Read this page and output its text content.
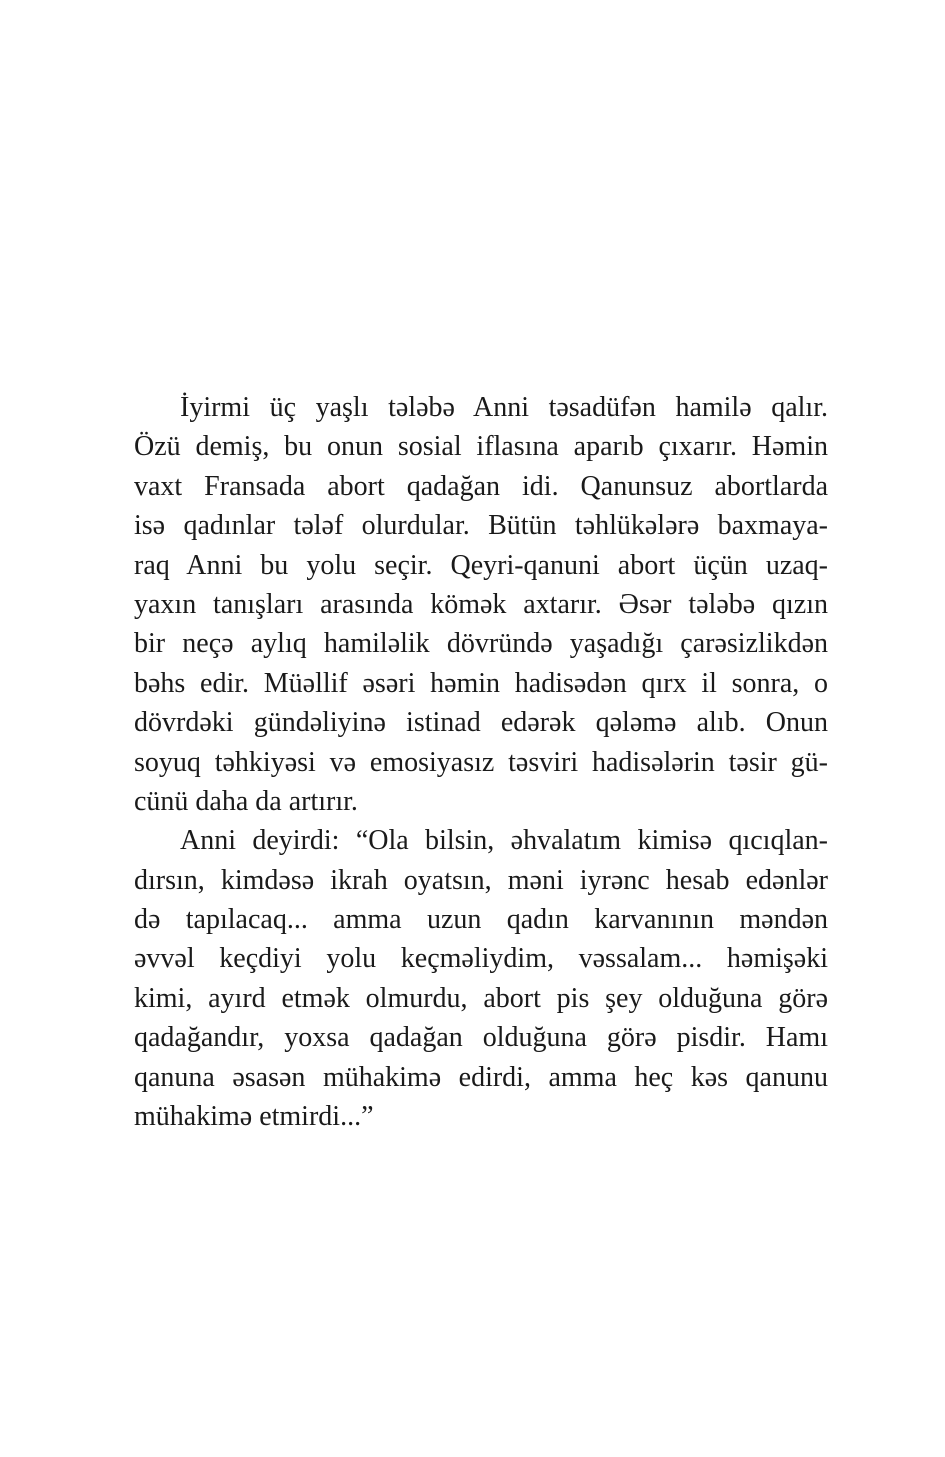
İyirmi üç yaşlı tələbə Anni təsadüfən hamilə qalır.
Özü demiş, bu onun sosial iflasına aparıb çıxarır. Həmin
vaxt Fransada abort qadağan idi. Qanunsuz abortlarda
isə qadınlar tələf olurdular. Bütün təhlükələrə baxmaya-
raq Anni bu yolu seçir. Qeyri-qanuni abort üçün uzaq-
yaxın tanışları arasında kömək axtarır. Əsər tələbə qızın
bir neçə aylıq hamiləlik dövründə yaşadığı çarəsizlikdən
bəhs edir. Müəllif əsəri həmin hadisədən qırx il sonra, o
dövrdəki gündəliyinə istinad edərək qələmə alıb. Onun
soyuq təhkiyəsi və emosiyasız təsviri hadisələrin təsir gü-
cünü daha da artırır.
Anni deyirdi: “Ola bilsin, əhvalatım kimisə qıcıqlan-
dırsın, kimdəsə ikrah oyatsın, məni iyrənc hesab edənlər
də tapılacaq... amma uzun qadın karvanının məndən
əvvəl keçdiyi yolu keçməliydim, vəssalam... həmişəki
kimi, ayırd etmək olmurdu, abort pis şey olduğuna görə
qadağandır, yoxsa qadağan olduğuna görə pisdir. Hamı
qanuna əsasən mühakimə edirdi, amma heç kəs qanunu
mühakimə etmirdi...”
